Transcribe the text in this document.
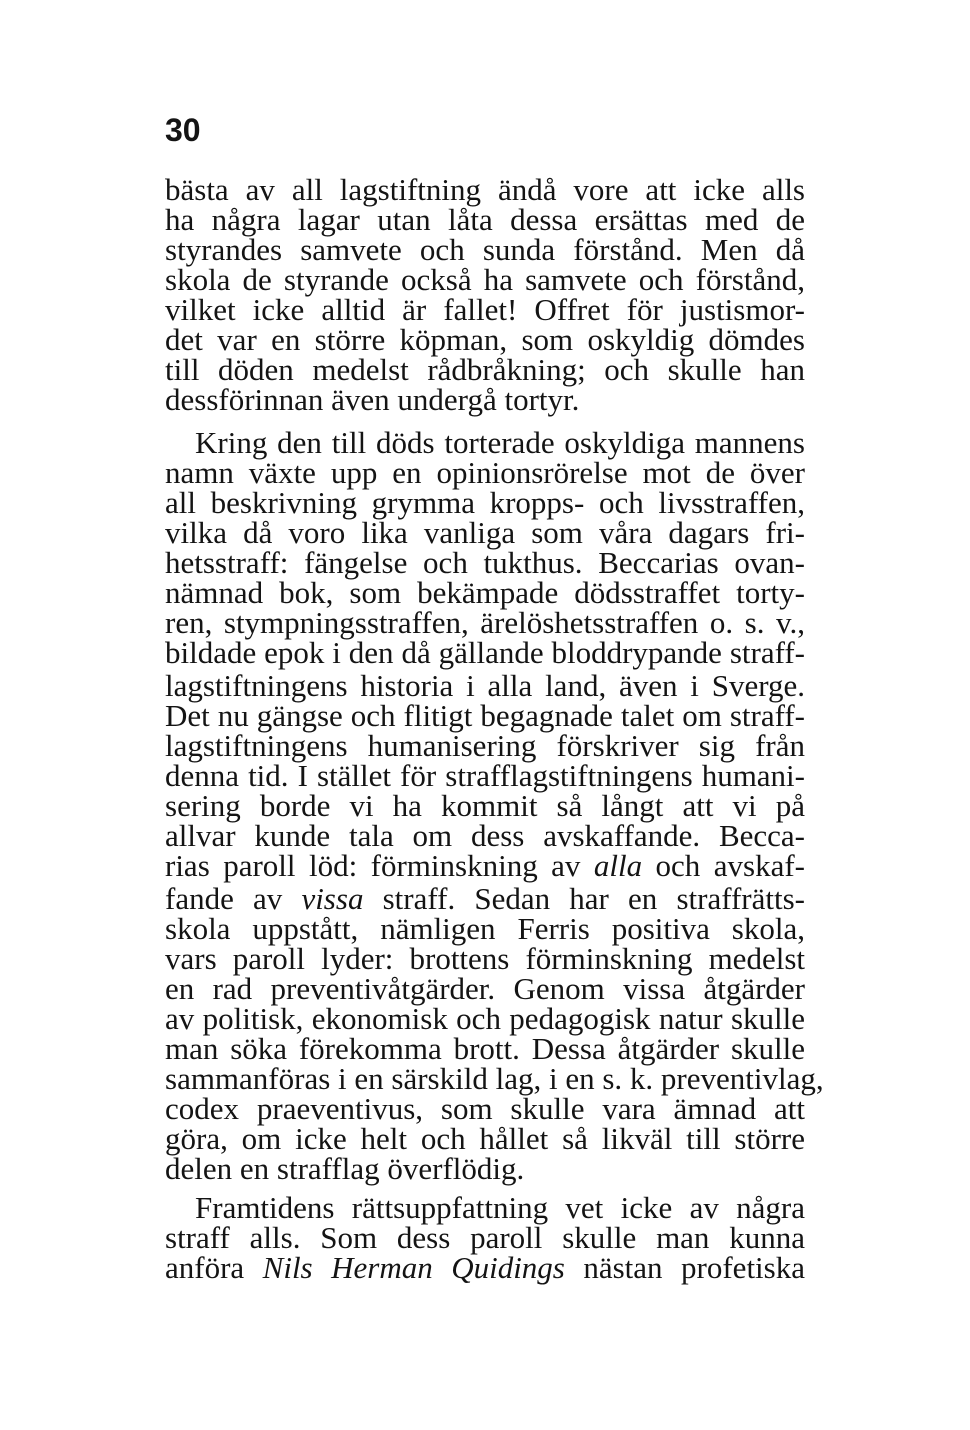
30
bästa av all lagstiftning ändå vore att icke alls
ha några lagar utan låta dessa ersättas med de
styrandes samvete och sunda förstånd. Men då
skola de styrande också ha samvete och förstånd,
vilket icke alltid är fallet! Offret för justismor-
det var en större köpman, som oskyldig dömdes
till döden medelst rådbråkning; och skulle han
dessförinnan även undergå tortyr.
Kring den till döds torterade oskyldiga mannens
namn växte upp en opinionsrörelse mot de över
all beskrivning grymma kropps- och livsstraffen,
vilka då voro lika vanliga som våra dagars fri-
hetsstraff: fängelse och tukthus. Beccarias ovan-
nämnad bok, som bekämpade dödsstraffet torty-
ren, stympningsstraffen, ärelöshetsstraffen o. s. v.,
bildade epok i den då gällande bloddrypande straff-
lagstiftningens historia i alla land, även i Sverge.
Det nu gängse och flitigt begagnade talet om straff-
lagstiftningens humanisering förskriver sig från
denna tid. I stället för strafflagstiftningens humani-
sering borde vi ha kommit så långt att vi på
allvar kunde tala om dess avskaffande. Becca-
rias paroll löd: förminskning av alla och avskaf-
fande av vissa straff. Sedan har en straffrätts-
skola uppstått, nämligen Ferris positiva skola,
vars paroll lyder: brottens förminskning medelst
en rad preventivåtgärder. Genom vissa åtgärder
av politisk, ekonomisk och pedagogisk natur skulle
man söka förekomma brott. Dessa åtgärder skulle
sammanföras i en särskild lag, i en s. k. preventivlag,
codex praeventivus, som skulle vara ämnad att
göra, om icke helt och hållet så likväl till större
delen en strafflag överflödig.
Framtidens rättsuppfattning vet icke av några
straff alls. Som dess paroll skulle man kunna
anföra Nils Herman Quidings nästan profetiska
